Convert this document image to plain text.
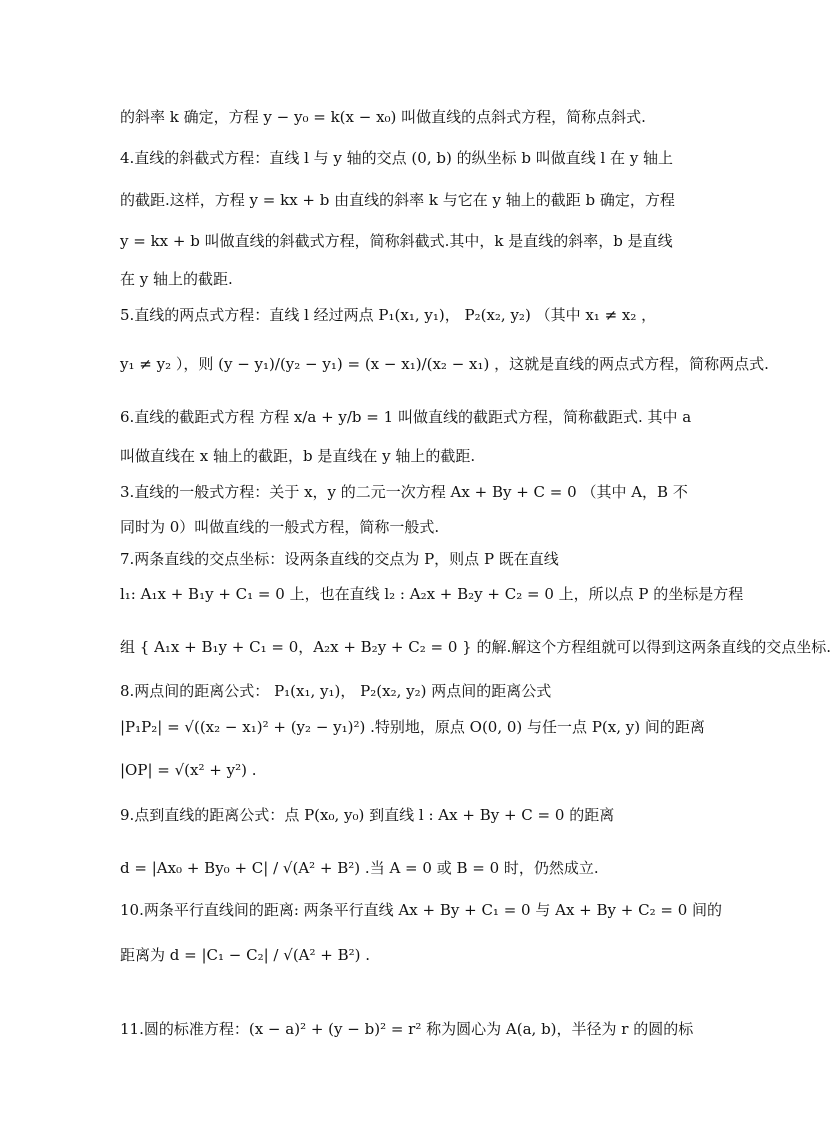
的斜率 k 确定，方程 y − y₀ = k(x − x₀) 叫做直线的点斜式方程，简称点斜式.
4.直线的斜截式方程：直线 l 与 y 轴的交点 (0, b) 的纵坐标 b 叫做直线 l 在 y 轴上
的截距.这样，方程 y = kx + b 由直线的斜率 k 与它在 y 轴上的截距 b 确定，方程
y = kx + b 叫做直线的斜截式方程，简称斜截式.其中，k 是直线的斜率，b 是直线
在 y 轴上的截距.
5.直线的两点式方程：直线 l 经过两点 P₁(x₁, y₁)， P₂(x₂, y₂) （其中 x₁ ≠ x₂ ，
y₁ ≠ y₂ ），则 (y − y₁)/(y₂ − y₁) = (x − x₁)/(x₂ − x₁) ，这就是直线的两点式方程，简称两点式.
6.直线的截距式方程 方程 x/a + y/b = 1 叫做直线的截距式方程，简称截距式. 其中 a
叫做直线在 x 轴上的截距，b 是直线在 y 轴上的截距.
3.直线的一般式方程：关于 x，y 的二元一次方程 Ax + By + C = 0 （其中 A，B 不
同时为 0）叫做直线的一般式方程，简称一般式.
7.两条直线的交点坐标：设两条直线的交点为 P，则点 P 既在直线
l₁: A₁x + B₁y + C₁ = 0 上，也在直线 l₂ : A₂x + B₂y + C₂ = 0 上，所以点 P 的坐标是方程
组 { A₁x + B₁y + C₁ = 0，A₂x + B₂y + C₂ = 0 } 的解.解这个方程组就可以得到这两条直线的交点坐标.
8.两点间的距离公式： P₁(x₁, y₁)， P₂(x₂, y₂) 两点间的距离公式
|P₁P₂| = √((x₂ − x₁)² + (y₂ − y₁)²) .特别地，原点 O(0, 0) 与任一点 P(x, y) 间的距离
|OP| = √(x² + y²) .
9.点到直线的距离公式：点 P(x₀, y₀) 到直线 l : Ax + By + C = 0 的距离
d = |Ax₀ + By₀ + C| / √(A² + B²) .当 A = 0 或 B = 0 时，仍然成立.
10.两条平行直线间的距离: 两条平行直线 Ax + By + C₁ = 0 与 Ax + By + C₂ = 0 间的
距离为 d = |C₁ − C₂| / √(A² + B²) .
11.圆的标准方程：(x − a)² + (y − b)² = r² 称为圆心为 A(a, b)，半径为 r 的圆的标
